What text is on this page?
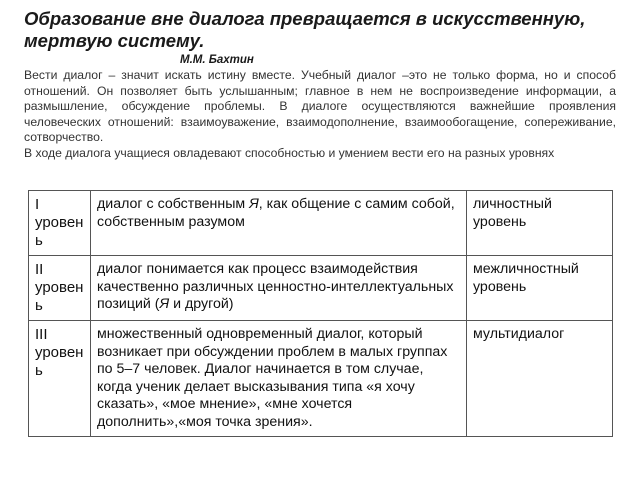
Образование вне диалога превращается в искусственную, мертвую систему.
М.М. Бахтин

Вести диалог – значит искать истину вместе. Учебный диалог –это не только форма, но и способ отношений. Он позволяет быть услышанным; главное в нем не воспроизведение информации, а размышление, обсуждение проблемы. В диалоге осуществляются важнейшие проявления человеческих отношений: взаимоуважение, взаимодополнение, взаимообогащение, сопереживание, сотворчество.

В ходе диалога учащиеся овладевают способностью и умением вести его на разных уровнях

I уровень	диалог с собственным Я, как общение с самим собой, собственным разумом	личностный уровень
II уровень	диалог понимается как процесс взаимодействия качественно различных ценностно-интеллектуальных позиций (Я и другой)	межличностный уровень
III уровень	множественный одновременный диалог, который возникает при обсуждении проблем в малых группах по 5–7 человек. Диалог начинается в том случае, когда ученик делает высказывания типа «я хочу сказать», «мое мнение», «мне хочется дополнить»,«моя точка зрения».	мультидиалог
